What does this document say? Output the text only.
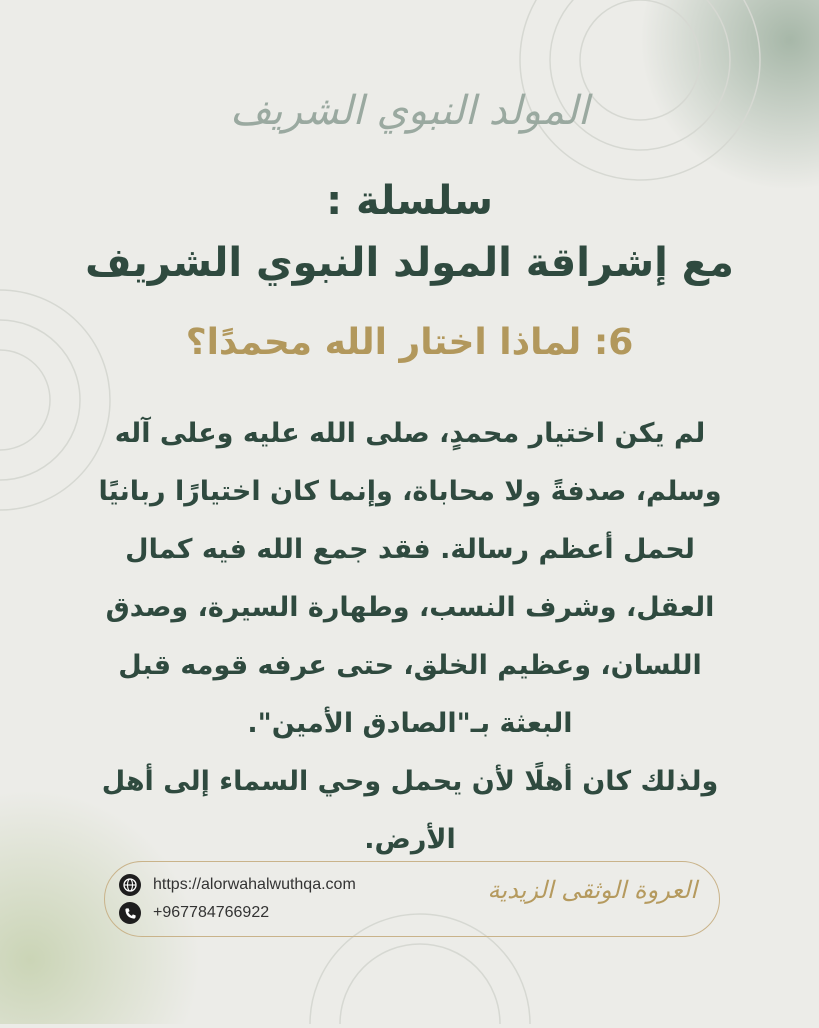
المولد النبوي الشريف
سلسلة :
مع إشراقة المولد النبوي الشريف
6: لماذا اختار الله محمدًا؟

لم يكن اختيار محمدٍ، صلى الله عليه وعلى آله وسلم، صدفةً ولا محاباة، وإنما كان اختيارًا ربانيًا لحمل أعظم رسالة. فقد جمع الله فيه كمال العقل، وشرف النسب، وطهارة السيرة، وصدق اللسان، وعظيم الخلق، حتى عرفه قومه قبل البعثة بـ"الصادق الأمين".

ولذلك كان أهلًا لأن يحمل وحي السماء إلى أهل الأرض.

https://alorwahalwuthqa.com
+967784766922
العروة الوثقى الزيدية
